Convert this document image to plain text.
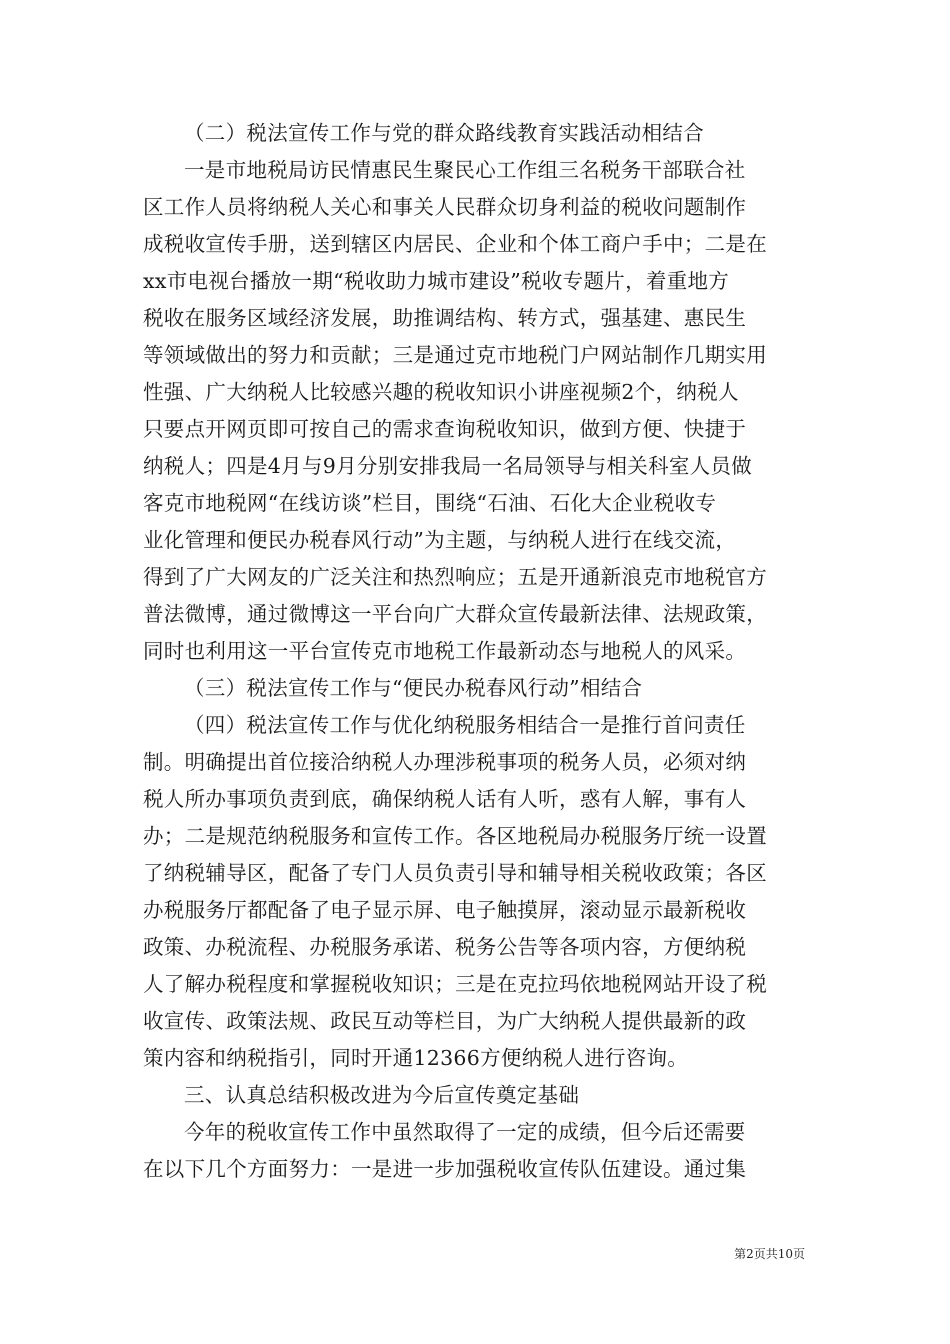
（二）税法宣传工作与党的群众路线教育实践活动相结合

一是市地税局访民情惠民生聚民心工作组三名税务干部联合社
区工作人员将纳税人关心和事关人民群众切身利益的税收问题制作
成税收宣传手册，送到辖区内居民、企业和个体工商户手中；二是在
xx市电视台播放一期“税收助力城市建设”税收专题片，着重地方
税收在服务区域经济发展，助推调结构、转方式，强基建、惠民生
等领域做出的努力和贡献；三是通过克市地税门户网站制作几期实用
性强、广大纳税人比较感兴趣的税收知识小讲座视频2个，纳税人
只要点开网页即可按自己的需求查询税收知识，做到方便、快捷于
纳税人；四是4月与9月分别安排我局一名局领导与相关科室人员做
客克市地税网“在线访谈”栏目，围绕“石油、石化大企业税收专
业化管理和便民办税春风行动”为主题，与纳税人进行在线交流，
得到了广大网友的广泛关注和热烈响应；五是开通新浪克市地税官方
普法微博，通过微博这一平台向广大群众宣传最新法律、法规政策，
同时也利用这一平台宣传克市地税工作最新动态与地税人的风采。

（三）税法宣传工作与“便民办税春风行动”相结合

（四）税法宣传工作与优化纳税服务相结合一是推行首问责任
制。明确提出首位接洽纳税人办理涉税事项的税务人员，必须对纳
税人所办事项负责到底，确保纳税人话有人听，惑有人解，事有人
办；二是规范纳税服务和宣传工作。各区地税局办税服务厅统一设置
了纳税辅导区，配备了专门人员负责引导和辅导相关税收政策；各区
办税服务厅都配备了电子显示屏、电子触摸屏，滚动显示最新税收
政策、办税流程、办税服务承诺、税务公告等各项内容，方便纳税
人了解办税程度和掌握税收知识；三是在克拉玛依地税网站开设了税
收宣传、政策法规、政民互动等栏目，为广大纳税人提供最新的政
策内容和纳税指引，同时开通12366方便纳税人进行咨询。

三、认真总结积极改进为今后宣传奠定基础

今年的税收宣传工作中虽然取得了一定的成绩，但今后还需要
在以下几个方面努力：一是进一步加强税收宣传队伍建设。通过集

第2页共10页
